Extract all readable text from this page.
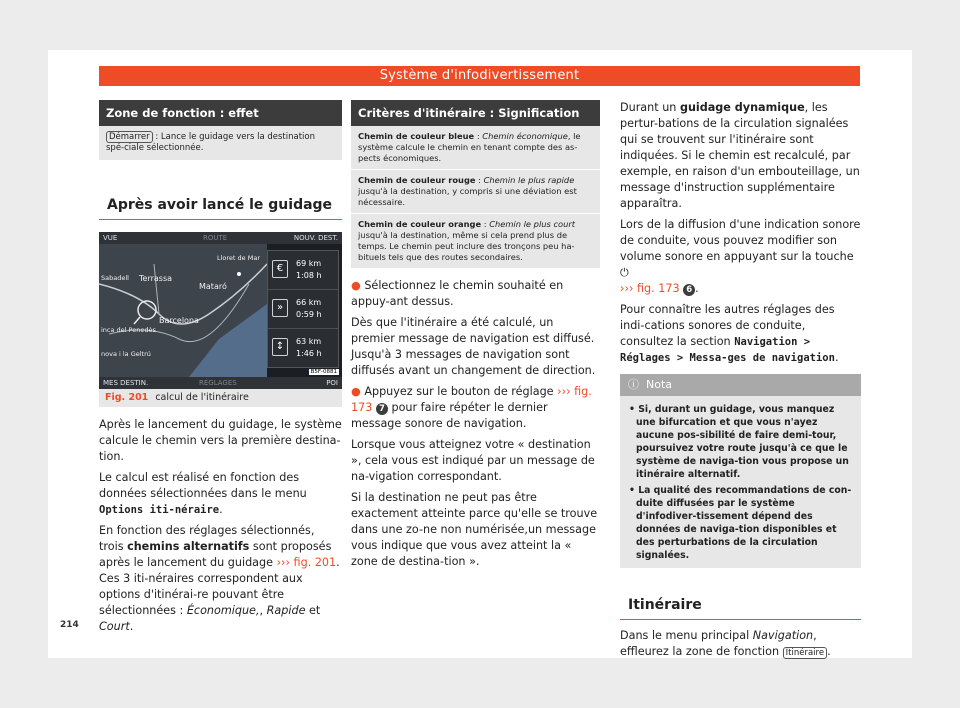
Système d'infodivertissement
Zone de fonction : effet
Démarrer : Lance le guidage vers la destination spé-ciale sélectionnée.
Après avoir lancé le guidage
VUE	ROUTE	NOUV. DEST.
Lloret de Mar
Terrassa
Mataró
Barcelona
Sabadell
inca del Penedès
nova i la Geltrú
€	69 km
1:08 h
»	66 km
0:59 h
↕	63 km
1:46 h
B5F-0881
MES DESTIN.	RÉGLAGES	POI
Fig. 201 calcul de l'itinéraire

Après le lancement du guidage, le système calcule le chemin vers la première destina-tion.

Le calcul est réalisé en fonction des données sélectionnées dans le menu Options iti-néraire.

En fonction des réglages sélectionnés, trois chemins alternatifs sont proposés après le lancement du guidage ››› fig. 201. Ces 3 iti-néraires correspondent aux options d'itinérai-re pouvant être sélectionnées : Économique,, Rapide et Court.

Critères d'itinéraire : Signification
Chemin de couleur bleue : Chemin économique, le système calcule le chemin en tenant compte des as-pects économiques.
Chemin de couleur rouge : Chemin le plus rapide jusqu'à la destination, y compris si une déviation est nécessaire.
Chemin de couleur orange : Chemin le plus court jusqu'à la destination, même si cela prend plus de temps. Le chemin peut inclure des tronçons peu ha-bituels tels que des routes secondaires.

● Sélectionnez le chemin souhaité en appuy-ant dessus.

Dès que l'itinéraire a été calculé, un premier message de navigation est diffusé. Jusqu'à 3 messages de navigation sont diffusés avant un changement de direction.

● Appuyez sur le bouton de réglage ››› fig. 173 7 pour faire répéter le dernier message sonore de navigation.

Lorsque vous atteignez votre « destination », cela vous est indiqué par un message de na-vigation correspondant.

Si la destination ne peut pas être exactement atteinte parce qu'elle se trouve dans une zo-ne non numérisée,un message vous indique que vous avez atteint la « zone de destina-tion ».

Durant un guidage dynamique, les pertur-bations de la circulation signalées qui se trouvent sur l'itinéraire sont indiquées. Si le chemin est recalculé, par exemple, en raison d'un embouteillage, un message d'instruction supplémentaire apparaîtra.

Lors de la diffusion d'une indication sonore de conduite, vous pouvez modifier son volume sonore en appuyant sur la touche ⏻
››› fig. 173 6 .

Pour connaître les autres réglages des indi-cations sonores de conduite, consultez la section Navigation > Réglages > Messa-ges de navigation.

ⓘ Nota
• Si, durant un guidage, vous manquez une bifurcation et que vous n'ayez aucune pos-sibilité de faire demi-tour, poursuivez votre route jusqu'à ce que le système de naviga-tion vous propose un itinéraire alternatif.
• La qualité des recommandations de con-duite diffusées par le système d'infodiver-tissement dépend des données de naviga-tion disponibles et des perturbations de la circulation signalées.
Itinéraire

Dans le menu principal Navigation, effleurez la zone de fonction Itinéraire .

214
